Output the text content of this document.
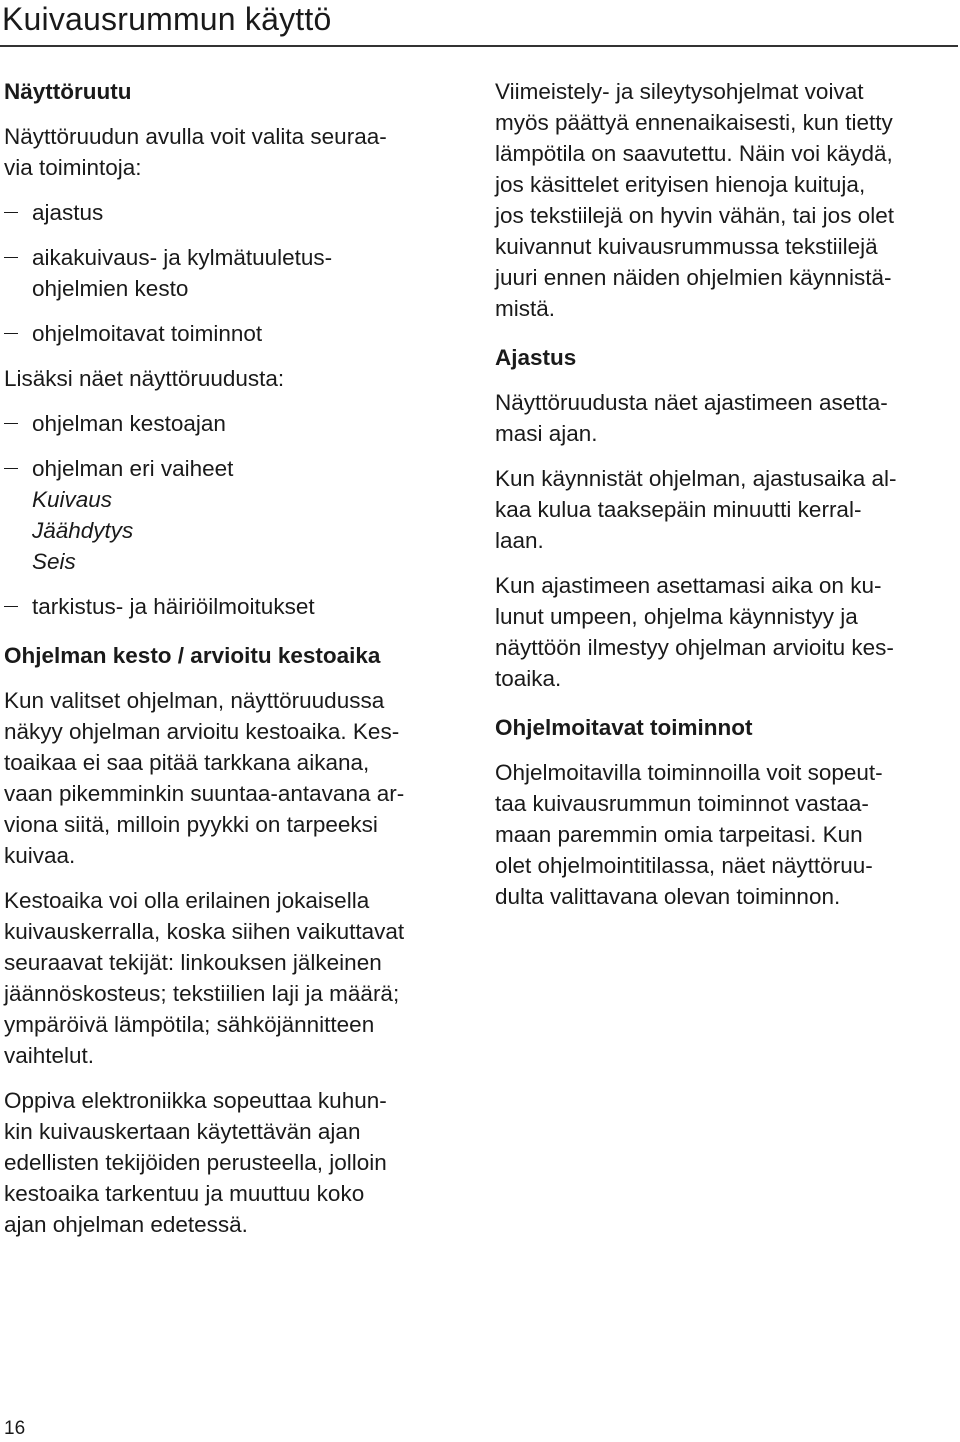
Kuivausrummun käyttö
Näyttöruutu

Näyttöruudun avulla voit valita seuraa-
via toimintoja:

ajastus
aikakuivaus- ja kylmätuuletus-
ohjelmien kesto
ohjelmoitavat toiminnot

Lisäksi näet näyttöruudusta:

ohjelman kestoajan
ohjelman eri vaiheet
Kuivaus
Jäähdytys
Seis
tarkistus- ja häiriöilmoitukset
Ohjelman kesto / arvioitu kestoaika

Kun valitset ohjelman, näyttöruudussa
näkyy ohjelman arvioitu kestoaika. Kes-
toaikaa ei saa pitää tarkkana aikana,
vaan pikemminkin suuntaa-antavana ar-
viona siitä, milloin pyykki on tarpeeksi
kuivaa.

Kestoaika voi olla erilainen jokaisella
kuivauskerralla, koska siihen vaikuttavat
seuraavat tekijät: linkouksen jälkeinen
jäännöskosteus; tekstiilien laji ja määrä;
ympäröivä lämpötila; sähköjännitteen
vaihtelut.

Oppiva elektroniikka sopeuttaa kuhun-
kin kuivauskertaan käytettävän ajan
edellisten tekijöiden perusteella, jolloin
kestoaika tarkentuu ja muuttuu koko
ajan ohjelman edetessä.

Viimeistely- ja sileytysohjelmat voivat
myös päättyä ennenaikaisesti, kun tietty
lämpötila on saavutettu. Näin voi käydä,
jos käsittelet erityisen hienoja kuituja,
jos tekstiilejä on hyvin vähän, tai jos olet
kuivannut kuivausrummussa tekstiilejä
juuri ennen näiden ohjelmien käynnistä-
mistä.

Ajastus

Näyttöruudusta näet ajastimeen asetta-
masi ajan.

Kun käynnistät ohjelman, ajastusaika al-
kaa kulua taaksepäin minuutti kerral-
laan.

Kun ajastimeen asettamasi aika on ku-
lunut umpeen, ohjelma käynnistyy ja
näyttöön ilmestyy ohjelman arvioitu kes-
toaika.

Ohjelmoitavat toiminnot

Ohjelmoitavilla toiminnoilla voit sopeut-
taa kuivausrummun toiminnot vastaa-
maan paremmin omia tarpeitasi. Kun
olet ohjelmointitilassa, näet näyttöruu-
dulta valittavana olevan toiminnon.

16
